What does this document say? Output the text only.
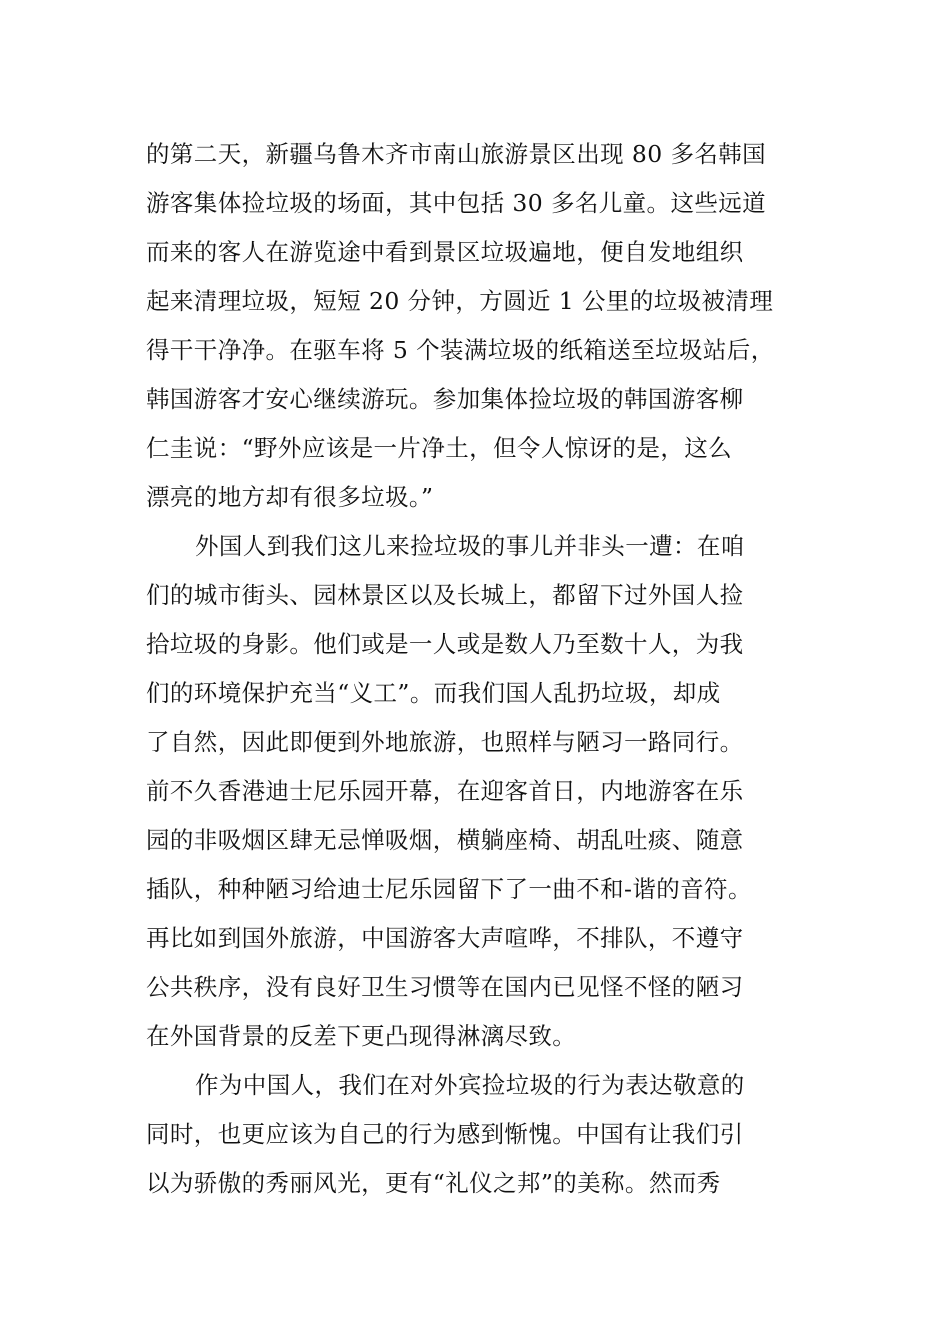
的第二天，新疆乌鲁木齐市南山旅游景区出现 80 多名韩国
游客集体捡垃圾的场面，其中包括 30 多名儿童。这些远道
而来的客人在游览途中看到景区垃圾遍地，便自发地组织
起来清理垃圾，短短 20 分钟，方圆近 1 公里的垃圾被清理
得干干净净。在驱车将 5 个装满垃圾的纸箱送至垃圾站后，
韩国游客才安心继续游玩。参加集体捡垃圾的韩国游客柳
仁圭说：“野外应该是一片净土，但令人惊讶的是，这么
漂亮的地方却有很多垃圾。”
外国人到我们这儿来捡垃圾的事儿并非头一遭：在咱
们的城市街头、园林景区以及长城上，都留下过外国人捡
拾垃圾的身影。他们或是一人或是数人乃至数十人，为我
们的环境保护充当“义工”。而我们国人乱扔垃圾，却成
了自然，因此即便到外地旅游，也照样与陋习一路同行。
前不久香港迪士尼乐园开幕，在迎客首日，内地游客在乐
园的非吸烟区肆无忌惮吸烟，横躺座椅、胡乱吐痰、随意
插队，种种陋习给迪士尼乐园留下了一曲不和-谐的音符。
再比如到国外旅游，中国游客大声喧哗，不排队，不遵守
公共秩序，没有良好卫生习惯等在国内已见怪不怪的陋习
在外国背景的反差下更凸现得淋漓尽致。
作为中国人，我们在对外宾捡垃圾的行为表达敬意的
同时，也更应该为自己的行为感到惭愧。中国有让我们引
以为骄傲的秀丽风光，更有“礼仪之邦”的美称。然而秀
